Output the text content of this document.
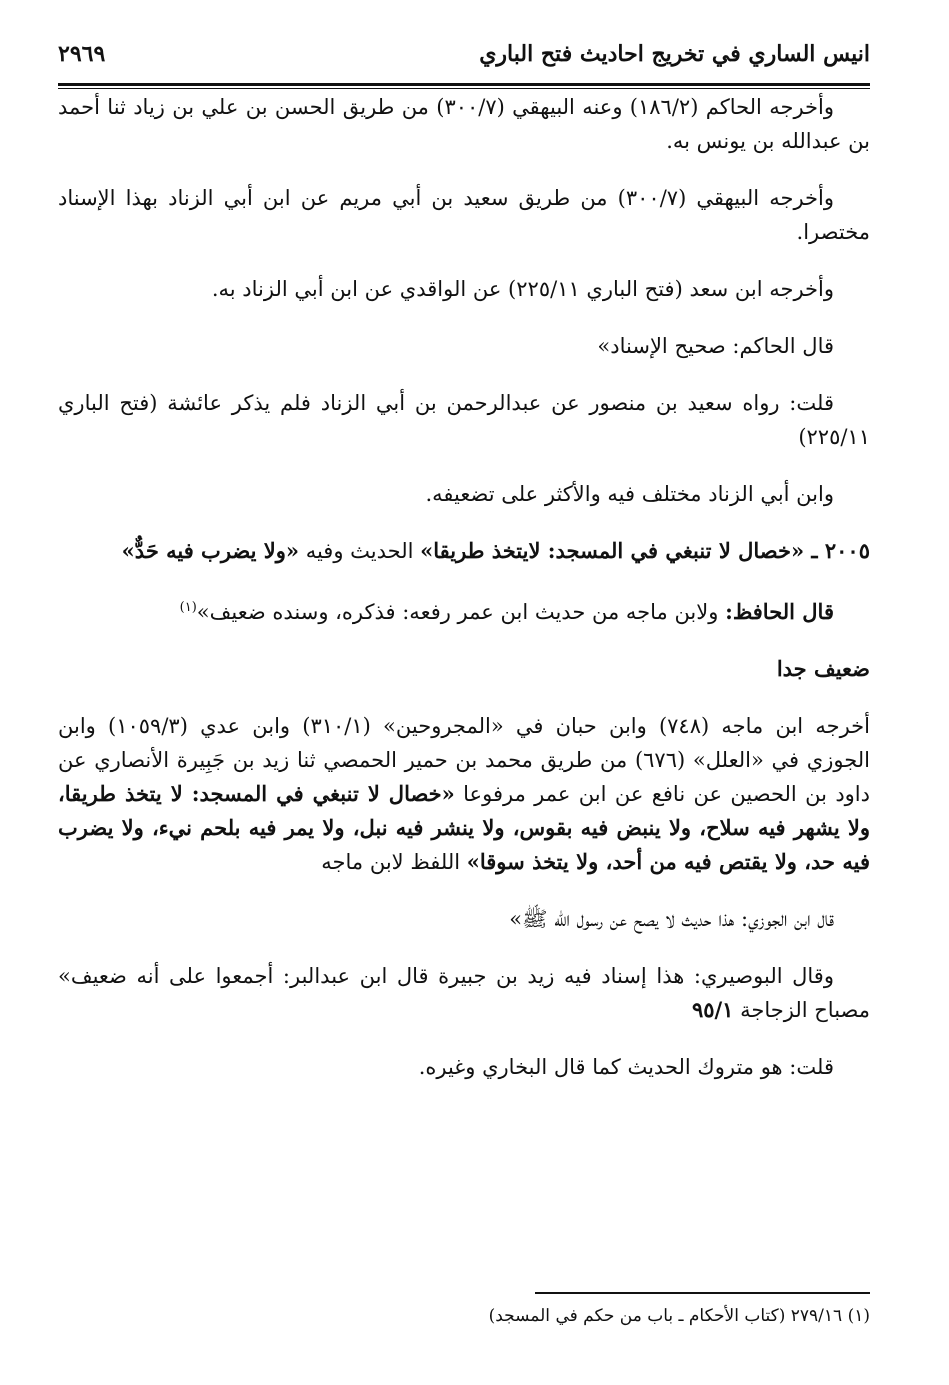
انيس الساري في تخريج احاديث فتح الباري
٢٩٦٩

وأخرجه الحاكم (١٨٦/٢) وعنه البيهقي (٣٠٠/٧) من طريق الحسن بن علي بن زياد ثنا أحمد بن عبدالله بن يونس به.

وأخرجه البيهقي (٣٠٠/٧) من طريق سعيد بن أبي مريم عن ابن أبي الزناد بهذا الإسناد مختصرا.

وأخرجه ابن سعد (فتح الباري ٢٢٥/١١) عن الواقدي عن ابن أبي الزناد به.

قال الحاكم: صحيح الإسناد»

قلت: رواه سعيد بن منصور عن عبدالرحمن بن أبي الزناد فلم يذكر عائشة (فتح الباري ٢٢٥/١١)

وابن أبي الزناد مختلف فيه والأكثر على تضعيفه.

٢٠٠٥ ـ «خصال لا تنبغي في المسجد: لايتخذ طريقا» الحديث وفيه «ولا يضرب فيه حَدٌّ»

قال الحافظ: ولابن ماجه من حديث ابن عمر رفعه: فذكره، وسنده ضعيف»$^{(١)}$

ضعيف جدا

أخرجه ابن ماجه (٧٤٨) وابن حبان في «المجروحين» (٣١٠/١) وابن عدي (١٠٥٩/٣) وابن الجوزي في «العلل» (٦٧٦) من طريق محمد بن حمير الحمصي ثنا زيد بن جَبِيرة الأنصاري عن داود بن الحصين عن نافع عن ابن عمر مرفوعا «خصال لا تنبغي في المسجد: لا يتخذ طريقا، ولا يشهر فيه سلاح، ولا ينبض فيه بقوس، ولا ينشر فيه نبل، ولا يمر فيه بلحم نيء، ولا يضرب فيه حد، ولا يقتص فيه من أحد، ولا يتخذ سوقا» اللفظ لابن ماجه

قال ابن الجوزي: هذا حديث لا يصح عن رسول الله ﷺ»

وقال البوصيري: هذا إسناد فيه زيد بن جبيرة قال ابن عبدالبر: أجمعوا على أنه ضعيف» مصباح الزجاجة ٩٥/١

قلت: هو متروك الحديث كما قال البخاري وغيره.

(١) ٢٧٩/١٦ (كتاب الأحكام ـ باب من حكم في المسجد)
